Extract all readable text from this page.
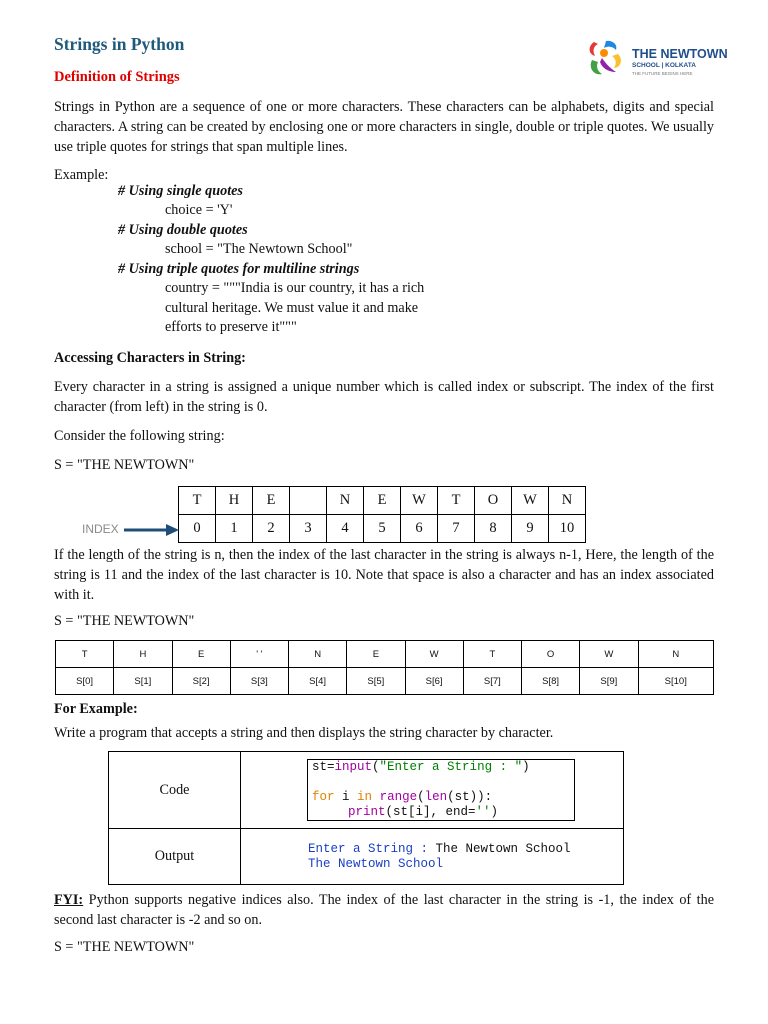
Strings in Python	THE NEWTOWN
SCHOOL | KOLKATA
THE FUTURE BEGINS HERE
Definition of Strings
Strings in Python are a sequence of one or more characters. These characters can be alphabets, digits and special characters. A string can be created by enclosing one or more characters in single, double or triple quotes. We usually use triple quotes for strings that span multiple lines.
Example:
# Using single quotes
choice = 'Y'
# Using double quotes
school = "The Newtown School"
# Using triple quotes for multiline strings
country = """India is our country, it has a rich
cultural heritage. We must value it and make
efforts to preserve it"""
Accessing Characters in String:
Every character in a string is assigned a unique number which is called index or subscript. The index of the first character (from left) in the string is 0.
Consider the following string:
S = "THE NEWTOWN"
T	H	E		N	E	W	T	O	W	N
0	1	2	3	4	5	6	7	8	9	10
INDEX
If the length of the string is n, then the index of the last character in the string is always n-1, Here, the length of the string is 11 and the index of the last character is 10. Note that space is also a character and has an index associated with it.
S = "THE NEWTOWN"
T	H	E	' '	N	E	W	T	O	W	N
S[0]	S[1]	S[2]	S[3]	S[4]	S[5]	S[6]	S[7]	S[8]	S[9]	S[10]
For Example:
Write a program that accepts a string and then displays the string character by character.
Code	st=input("Enter a String : ")

for i in range(len(st)):
print(st[i], end='')

Output	Enter a String : The Newtown School
The Newtown School
FYI: Python supports negative indices also. The index of the last character in the string is -1, the index of the second last character is -2 and so on.
S = "THE NEWTOWN"
